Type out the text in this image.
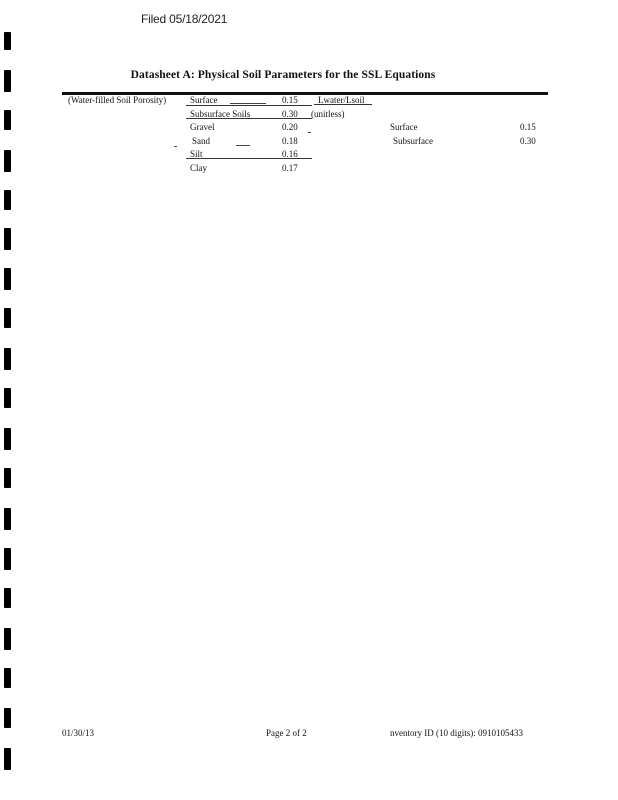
Filed 05/18/2021
Datasheet A: Physical Soil Parameters for the SSL Equations
(Water-filled Soil Porosity)	Surface	0.15 Lwater/Lsoil
Subsurface Soils	0.30 (unitless)
Gravel	0.20	Surface	0.15
Sand	0.18	Subsurface	0.30
Silt	0.16
Clay	0.17
01/30/13	Page 2 of 2	nventory ID (10 digits): 0910105433
